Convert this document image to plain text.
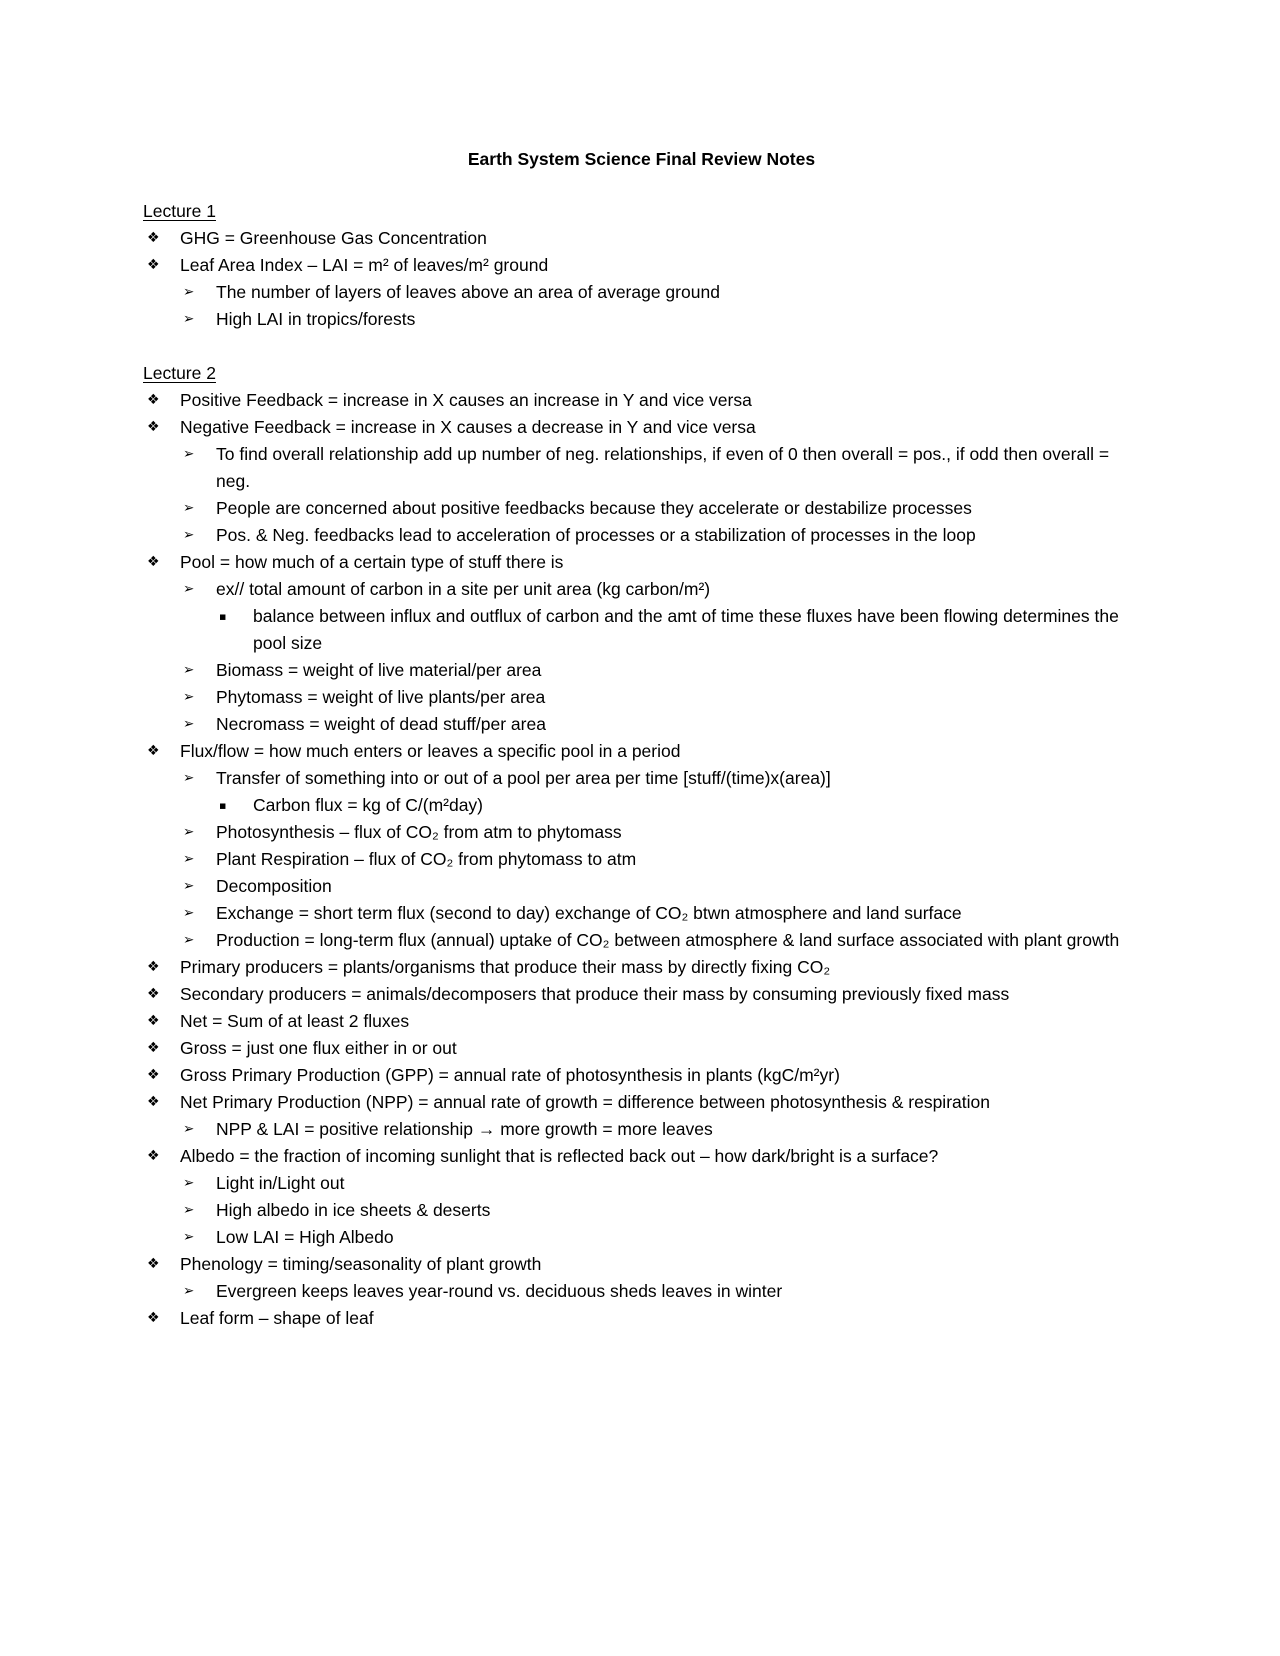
Earth System Science Final Review Notes
Lecture 1
❖	GHG = Greenhouse Gas Concentration
❖	Leaf Area Index – LAI = m² of leaves/m² ground
➢	The number of layers of leaves above an area of average ground
➢	High LAI in tropics/forests
Lecture 2
❖	Positive Feedback = increase in X causes an increase in Y and vice versa
❖	Negative Feedback = increase in X causes a decrease in Y and vice versa
➢	To find overall relationship add up number of neg. relationships, if even of 0 then overall = pos., if odd then overall = neg.
➢	People are concerned about positive feedbacks because they accelerate or destabilize processes
➢	Pos. & Neg. feedbacks lead to acceleration of processes or a stabilization of processes in the loop
❖	Pool = how much of a certain type of stuff there is
➢	ex// total amount of carbon in a site per unit area (kg carbon/m²)
▪	balance between influx and outflux of carbon and the amt of time these fluxes have been flowing determines the pool size
➢	Biomass = weight of live material/per area
➢	Phytomass = weight of live plants/per area
➢	Necromass = weight of dead stuff/per area
❖	Flux/flow = how much enters or leaves a specific pool in a period
➢	Transfer of something into or out of a pool per area per time [stuff/(time)x(area)]
▪	Carbon flux = kg of C/(m²day)
➢	Photosynthesis – flux of CO₂ from atm to phytomass
➢	Plant Respiration – flux of CO₂ from phytomass to atm
➢	Decomposition
➢	Exchange = short term flux (second to day) exchange of CO₂ btwn atmosphere and land surface
➢	Production = long-term flux (annual) uptake of CO₂ between atmosphere & land surface associated with plant growth
❖	Primary producers = plants/organisms that produce their mass by directly fixing CO₂
❖	Secondary producers = animals/decomposers that produce their mass by consuming previously fixed mass
❖	Net = Sum of at least 2 fluxes
❖	Gross = just one flux either in or out
❖	Gross Primary Production (GPP) = annual rate of photosynthesis in plants (kgC/m²yr)
❖	Net Primary Production (NPP) = annual rate of growth = difference between photosynthesis & respiration
➢	NPP & LAI = positive relationship → more growth = more leaves
❖	Albedo = the fraction of incoming sunlight that is reflected back out – how dark/bright is a surface?
➢	Light in/Light out
➢	High albedo in ice sheets & deserts
➢	Low LAI = High Albedo
❖	Phenology = timing/seasonality of plant growth
➢	Evergreen keeps leaves year-round vs. deciduous sheds leaves in winter
❖	Leaf form – shape of leaf
